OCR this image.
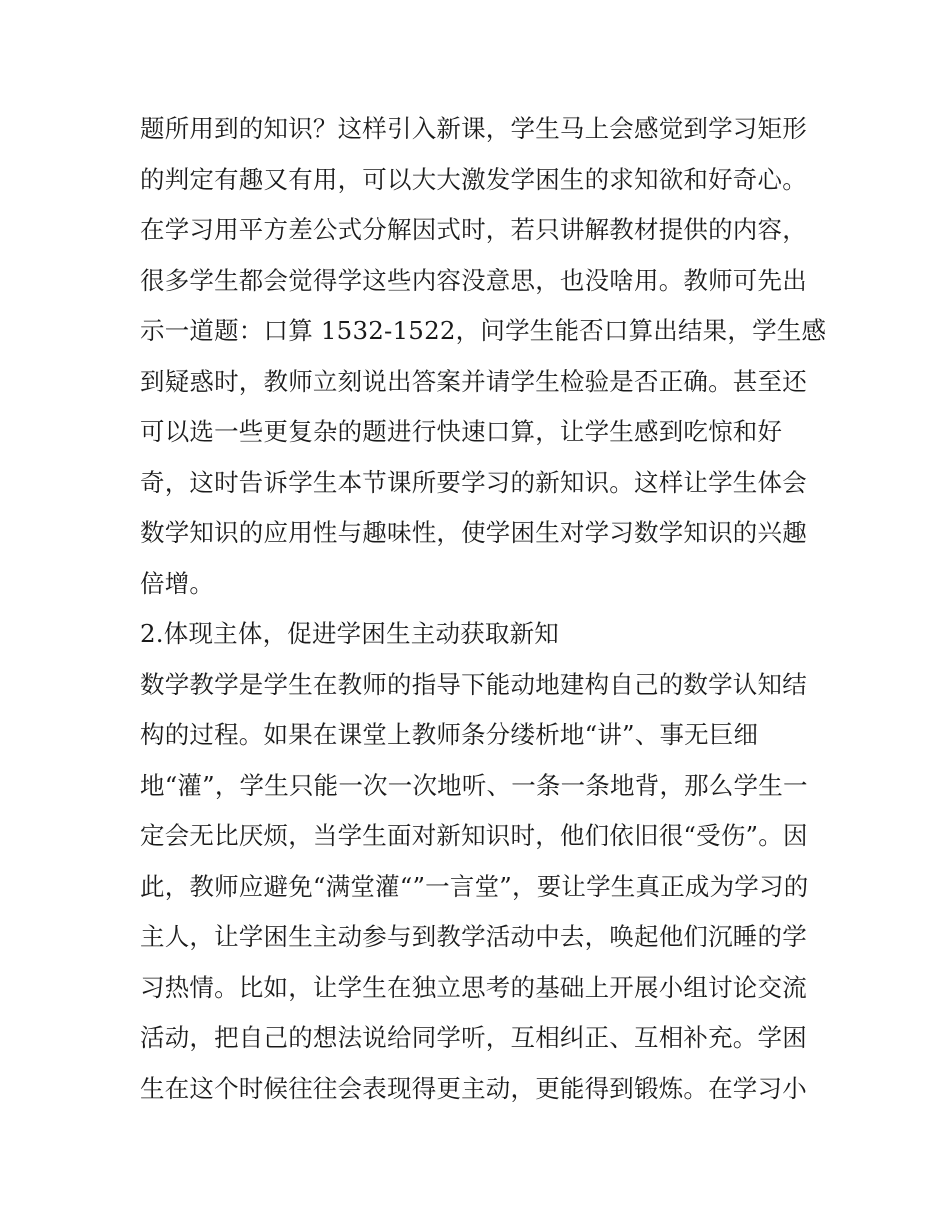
题所用到的知识？这样引入新课，学生马上会感觉到学习矩形
的判定有趣又有用，可以大大激发学困生的求知欲和好奇心。
在学习用平方差公式分解因式时，若只讲解教材提供的内容，
很多学生都会觉得学这些内容没意思，也没啥用。教师可先出
示一道题：口算 1532-1522，问学生能否口算出结果，学生感
到疑惑时，教师立刻说出答案并请学生检验是否正确。甚至还
可以选一些更复杂的题进行快速口算，让学生感到吃惊和好
奇，这时告诉学生本节课所要学习的新知识。这样让学生体会
数学知识的应用性与趣味性，使学困生对学习数学知识的兴趣
倍增。
2.体现主体，促进学困生主动获取新知
数学教学是学生在教师的指导下能动地建构自己的数学认知结
构的过程。如果在课堂上教师条分缕析地“讲”、事无巨细
地“灌”，学生只能一次一次地听、一条一条地背，那么学生一
定会无比厌烦，当学生面对新知识时，他们依旧很“受伤”。因
此，教师应避免“满堂灌“”一言堂”，要让学生真正成为学习的
主人，让学困生主动参与到教学活动中去，唤起他们沉睡的学
习热情。比如，让学生在独立思考的基础上开展小组讨论交流
活动，把自己的想法说给同学听，互相纠正、互相补充。学困
生在这个时候往往会表现得更主动，更能得到锻炼。在学习小
